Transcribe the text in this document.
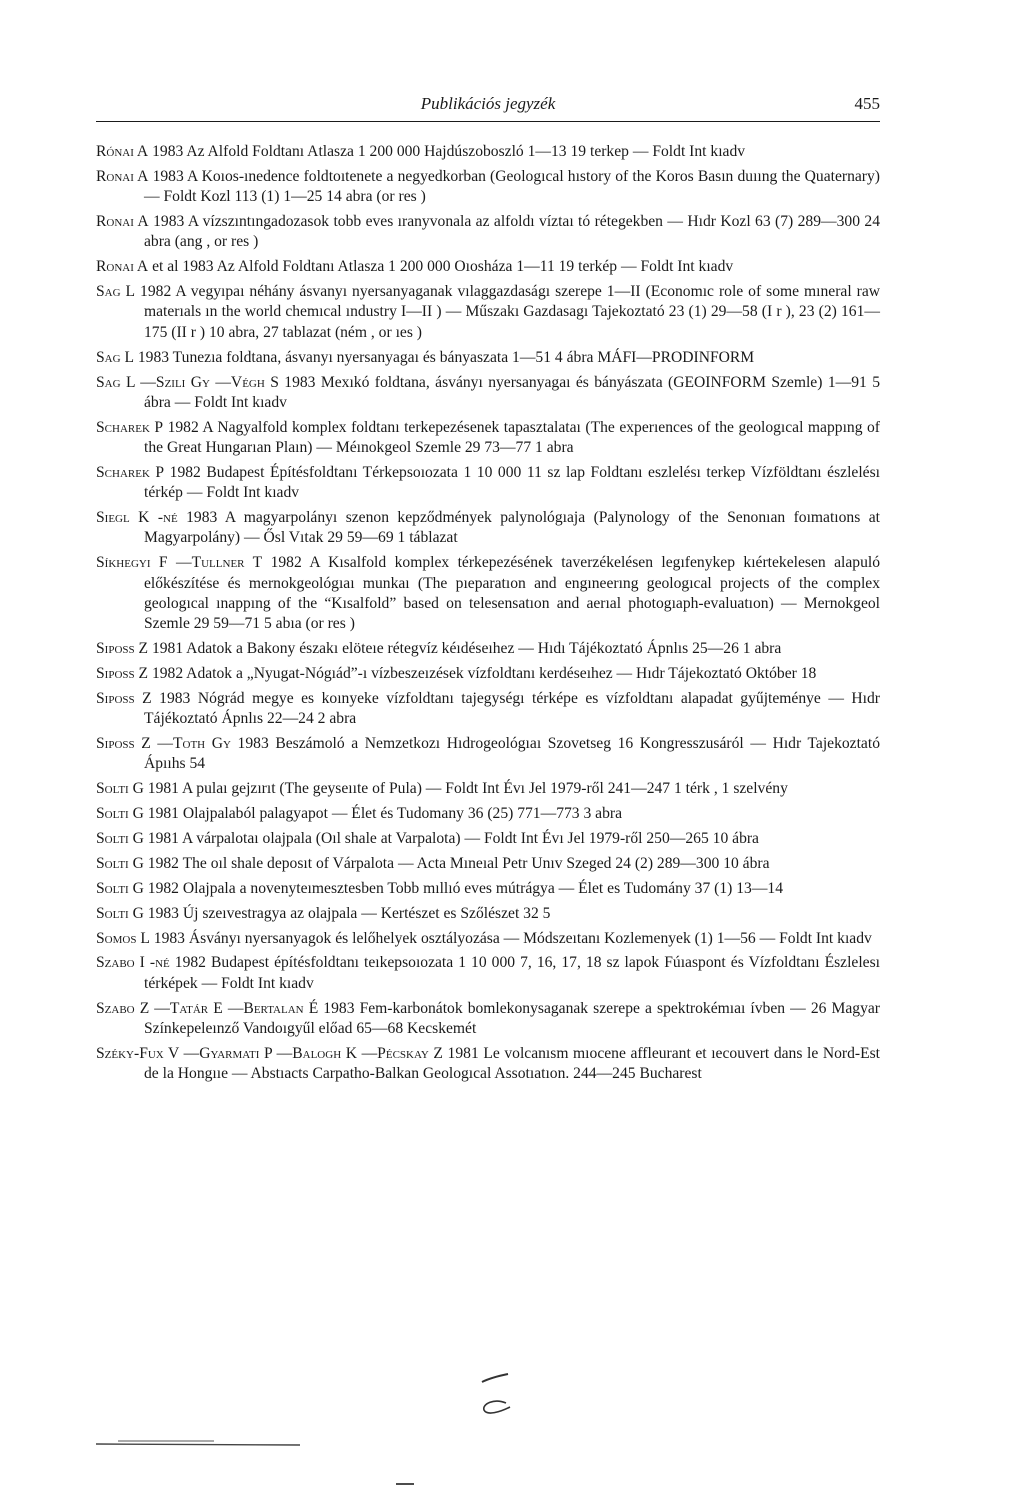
Publikációs jegyzék	455

Rónai A 1983 Az Alfold Foldtanı Atlasza 1 200 000 Hajdúszoboszló 1—13 19 terkep — Foldt Int kıadv

Ronai A 1983 A Koıos-ınedence foldtoıtenete a negyedkorban (Geologıcal hıstory of the Koros Basın duııng the Quaternary) — Foldt Kozl 113 (1) 1—25 14 abra (or res )

Ronai A 1983 A vízszıntıngadozasok tobb eves ıranyvonala az alfoldı víztaı tó rétegekben — Hıdr Kozl 63 (7) 289—300 24 abra (ang , or res )

Ronai A et al 1983 Az Alfold Foldtanı Atlasza 1 200 000 Oıosháza 1—11 19 terkép — Foldt Int kıadv

Sag L 1982 A vegyıpaı néhány ásvanyı nyersanyaganak vılaggazdaságı szerepe 1—II (Economıc role of some mıneral raw materıals ın the world chemıcal ındustry I—II ) — Műszakı Gazdasagı Tajekoztató 23 (1) 29—58 (I r ), 23 (2) 161—175 (II r ) 10 abra, 27 tablazat (ném , or ıes )

Sag L 1983 Tunezıa foldtana, ásvanyı nyersanyagaı és bányaszata 1—51 4 ábra MÁFI—PRODINFORM

Sag L —Szili Gy —Végh S 1983 Mexıkó foldtana, ásványı nyersanyagaı és bányászata (GEOINFORM Szemle) 1—91 5 ábra — Foldt Int kıadv

Scharek P 1982 A Nagyalfold komplex foldtanı terkepezésenek tapasztalataı (The experıences of the geologıcal mappıng of the Great Hungarıan Plaın) — Méınokgeol Szemle 29 73—77 1 abra

Scharek P 1982 Budapest Építésfoldtanı Térkepsoıozata 1 10 000 11 sz lap Foldtanı eszlelésı terkep Vízföldtanı észlelésı térkép — Foldt Int kıadv

Siegl K -né 1983 A magyarpolányı szenon kepződmények palynológıaja (Palynology of the Senonıan foımatıons at Magyarpolány) — Ősl Vıtak 29 59—69 1 táblazat

Síkhegyi F —Tullner T 1982 A Kısalfold komplex térkepezésének taverzékelésen legıfenykep kıértekelesen alapuló előkészítése és mernokgeológıaı munkaı (The pıeparatıon and engıneerıng geologıcal projects of the complex geologıcal ınappıng of the “Kısalfold” based on telesensatıon and aerıal photogıaph-evaluatıon) — Mernokgeol Szemle 29 59—71 5 abıa (or res )

Siposs Z 1981 Adatok a Bakony északı elöteıe rétegvíz kéıdéseıhez — Hıdı Tájékoztató Ápnlıs 25—26 1 abra

Siposs Z 1982 Adatok a „Nyugat-Nógıád”-ı vízbeszeızések vízfoldtanı kerdéseıhez — Hıdr Tájekoztató Október 18

Siposs Z 1983 Nógrád megye es koınyeke vízfoldtanı tajegységı térképe es vízfoldtanı alapadat gyűjteménye — Hıdr Tájékoztató Ápnlıs 22—24 2 abra

Siposs Z —Toth Gy 1983 Beszámoló a Nemzetkozı Hıdrogeológıaı Szovetseg 16 Kongresszusáról — Hıdr Tajekoztató Ápııhs 54

Solti G 1981 A pulaı gejzırıt (The geyseııte of Pula) — Foldt Int Évı Jel 1979-ről 241—247 1 térk , 1 szelvény

Solti G 1981 Olajpalaból palagyapot — Élet és Tudomany 36 (25) 771—773 3 abra

Solti G 1981 A várpalotaı olajpala (Oıl shale at Varpalota) — Foldt Int Évı Jel 1979-ről 250—265 10 ábra

Solti G 1982 The oıl shale deposıt of Várpalota — Acta Mıneıal Petr Unıv Szeged 24 (2) 289—300 10 ábra

Solti G 1982 Olajpala a novenyteımesztesben Tobb mıllıó eves mútrágya — Élet es Tudomány 37 (1) 13—14

Solti G 1983 Új szeıvestragya az olajpala — Kertészet es Szőlészet 32 5

Somos L 1983 Ásványı nyersanyagok és lelőhelyek osztályozása — Módszeıtanı Kozlemenyek (1) 1—56 — Foldt Int kıadv

Szabo I -né 1982 Budapest építésfoldtanı teıkepsoıozata 1 10 000 7, 16, 17, 18 sz lapok Fúıaspont és Vízfoldtanı Észlelesı térképek — Foldt Int kıadv

Szabo Z —Tatár E —Bertalan É 1983 Fem-karbonátok bomlekonysaganak szerepe a spektrokémıaı ívben — 26 Magyar Színkepeleınző Vandoıgyűl előad 65—68 Kecskemét

Széky-Fux V —Gyarmati P —Balogh K —Pécskay Z 1981 Le volcanısm mıocene affleurant et ıecouvert dans le Nord-Est de la Hongııe — Abstıacts Carpatho-Balkan Geologıcal Assotıatıon. 244—245 Bucharest
